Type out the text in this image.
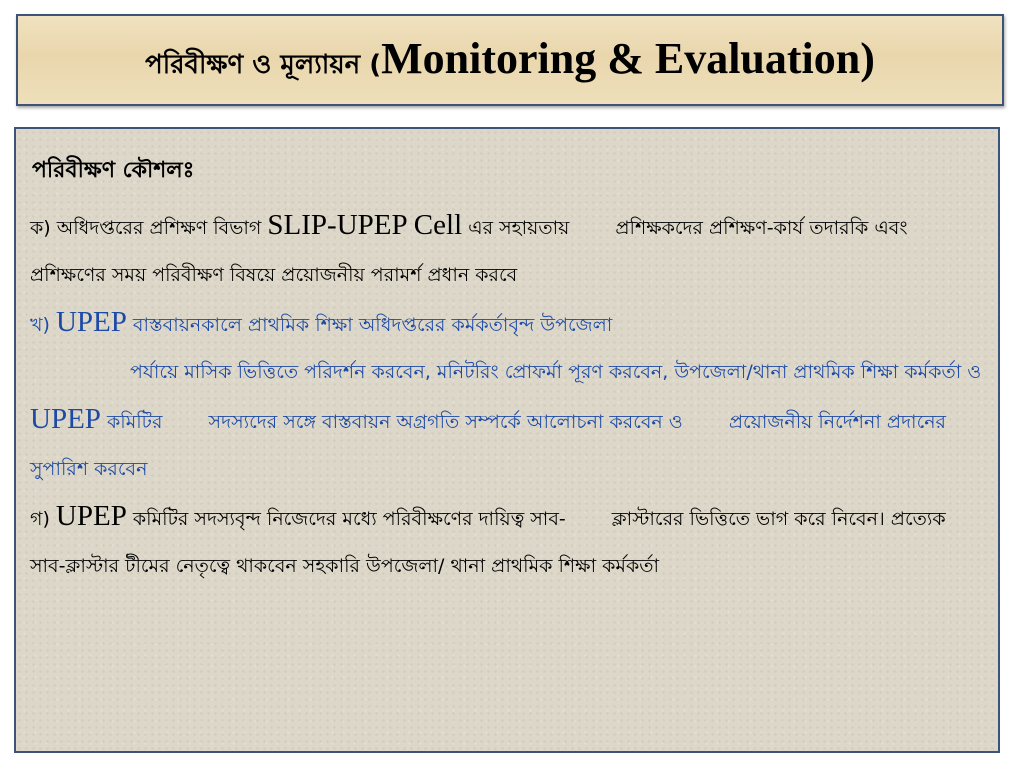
পরিবীক্ষণ ও মূল্যায়ন (Monitoring & Evaluation)
পরিবীক্ষণ কৌশলঃ

ক) অধিদপ্তরের প্রশিক্ষণ বিভাগ SLIP-UPEP Cell এর সহায়তায় প্রশিক্ষকদের প্রশিক্ষণ-কার্য তদারকি এবং প্রশিক্ষণের সময় পরিবীক্ষণ বিষয়ে প্রয়োজনীয় পরামর্শ প্রধান করবে

খ) UPEP বাস্তবায়নকালে প্রাথমিক শিক্ষা অধিদপ্তরের কর্মকর্তাবৃন্দ উপজেলা
পর্যায়ে মাসিক ভিত্তিতে পরিদর্শন করবেন, মনিটরিং প্রোফর্মা পূরণ করবেন, উপজেলা/থানা প্রাথমিক শিক্ষা কর্মকর্তা ও UPEP কমিটির সদস্যদের সঙ্গে বাস্তবায়ন অগ্রগতি সম্পর্কে আলোচনা করবেন ও প্রয়োজনীয় নির্দেশনা প্রদানের সুপারিশ করবেন

গ) UPEP কমিটির সদস্যবৃন্দ নিজেদের মধ্যে পরিবীক্ষণের দায়িত্ব সাব- ক্লাস্টারের ভিত্তিতে ভাগ করে নিবেন। প্রত্যেক সাব-ক্লাস্টার টীমের নেতৃত্বে থাকবেন সহকারি উপজেলা/ থানা প্রাথমিক শিক্ষা কর্মকর্তা
